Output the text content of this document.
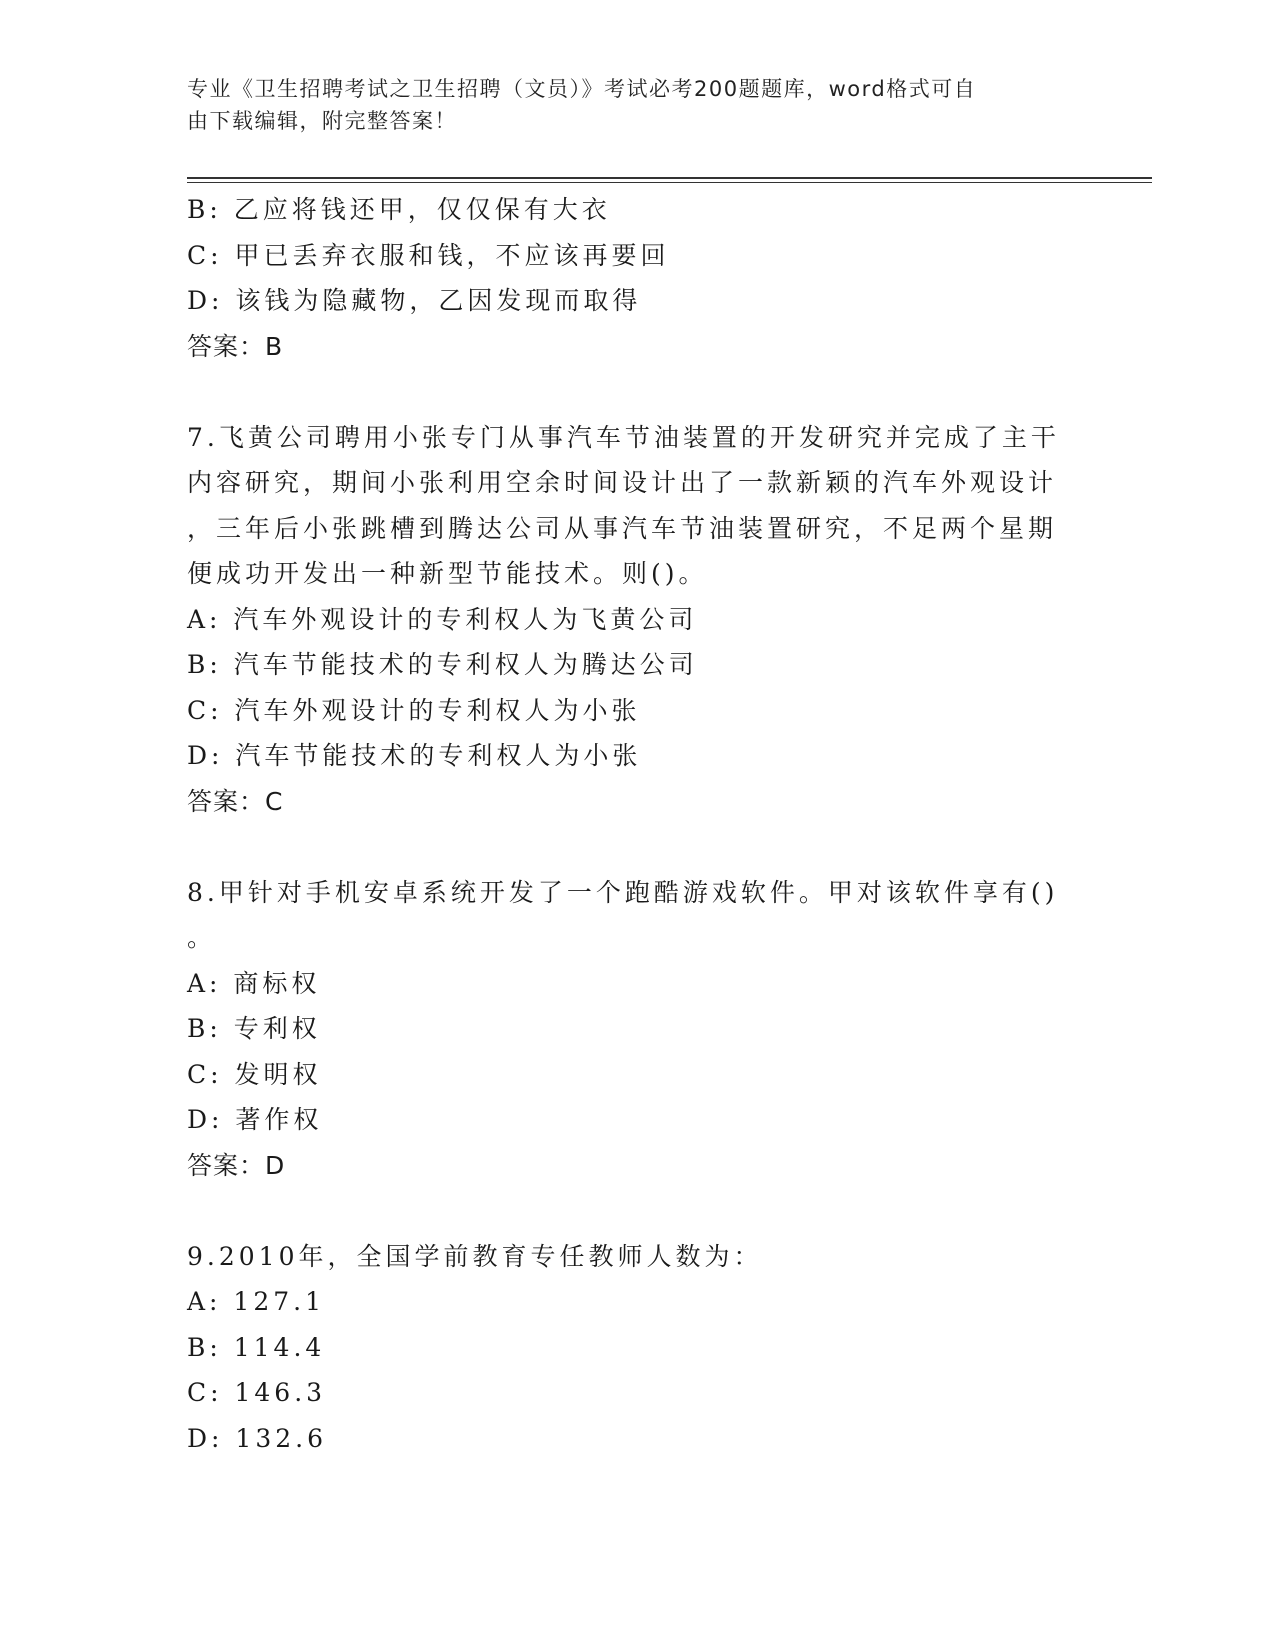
专业《卫生招聘考试之卫生招聘（文员）》考试必考200题题库，word格式可自
由下载编辑，附完整答案！
B: 乙应将钱还甲，仅仅保有大衣
C: 甲已丢弃衣服和钱，不应该再要回
D: 该钱为隐藏物，乙因发现而取得
答案：B
7.飞黄公司聘用小张专门从事汽车节油装置的开发研究并完成了主干
内容研究，期间小张利用空余时间设计出了一款新颖的汽车外观设计
，三年后小张跳槽到腾达公司从事汽车节油装置研究，不足两个星期
便成功开发出一种新型节能技术。则()。
A: 汽车外观设计的专利权人为飞黄公司
B: 汽车节能技术的专利权人为腾达公司
C: 汽车外观设计的专利权人为小张
D: 汽车节能技术的专利权人为小张
答案：C
8.甲针对手机安卓系统开发了一个跑酷游戏软件。甲对该软件享有()
。
A: 商标权
B: 专利权
C: 发明权
D: 著作权
答案：D
9.2010年，全国学前教育专任教师人数为：
A: 127.1
B: 114.4
C: 146.3
D: 132.6
